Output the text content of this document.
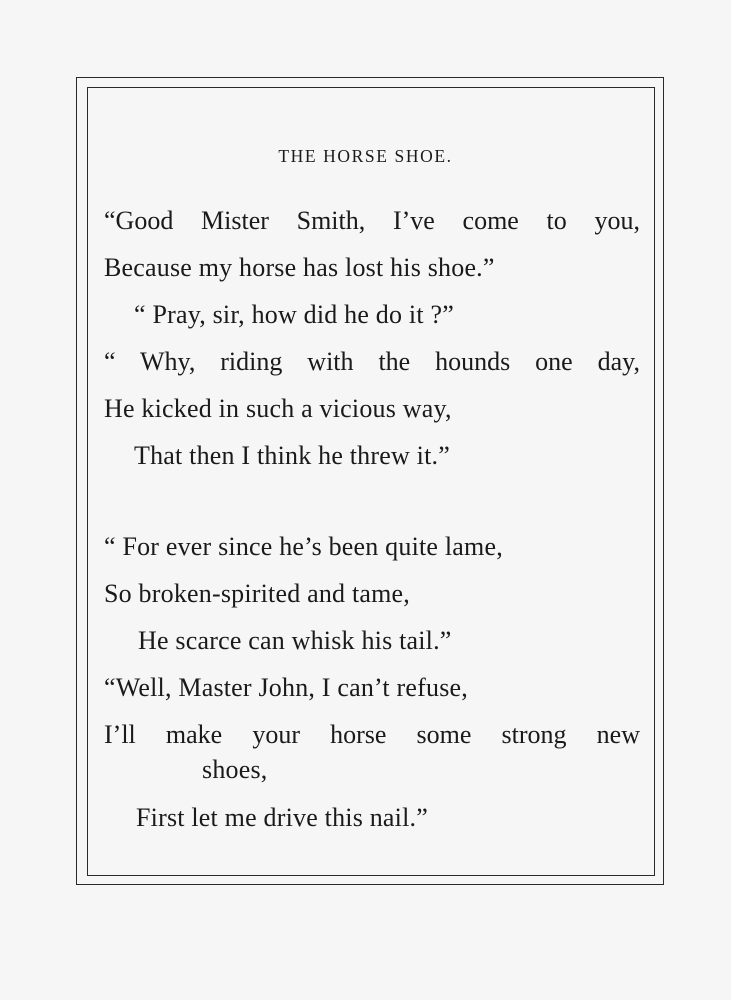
THE HORSE SHOE.
“Good Mister Smith, I’ve come to you,
Because my horse has lost his shoe.”
“ Pray, sir, how did he do it ?”
“ Why, riding with the hounds one day,
He kicked in such a vicious way,
That then I think he threw it.”
“ For ever since he’s been quite lame,
So broken-spirited and tame,
He scarce can whisk his tail.”
“Well, Master John, I can’t refuse,
I’ll make your horse some strong new
shoes,
First let me drive this nail.”
